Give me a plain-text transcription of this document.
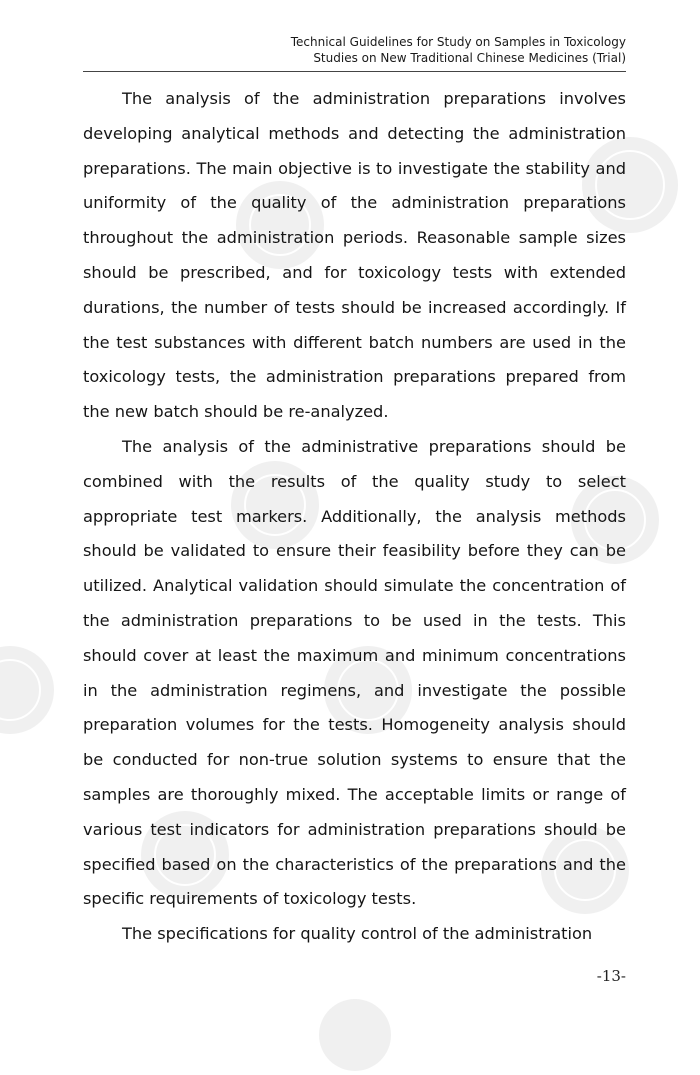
Technical Guidelines for Study on Samples in Toxicology
Studies on New Traditional Chinese Medicines (Trial)

The analysis of the administration preparations involves developing analytical methods and detecting the administration preparations. The main objective is to investigate the stability and uniformity of the quality of the administration preparations throughout the administration periods. Reasonable sample sizes should be prescribed, and for toxicology tests with extended durations, the number of tests should be increased accordingly. If the test substances with different batch numbers are used in the toxicology tests, the administration preparations prepared from the new batch should be re-analyzed.

The analysis of the administrative preparations should be combined with the results of the quality study to select appropriate test markers. Additionally, the analysis methods should be validated to ensure their feasibility before they can be utilized. Analytical validation should simulate the concentration of the administration preparations to be used in the tests. This should cover at least the maximum and minimum concentrations in the administration regimens, and investigate the possible preparation volumes for the tests. Homogeneity analysis should be conducted for non-true solution systems to ensure that the samples are thoroughly mixed. The acceptable limits or range of various test indicators for administration preparations should be specified based on the characteristics of the preparations and the specific requirements of toxicology tests.

The specifications for quality control of the administration

-13-
